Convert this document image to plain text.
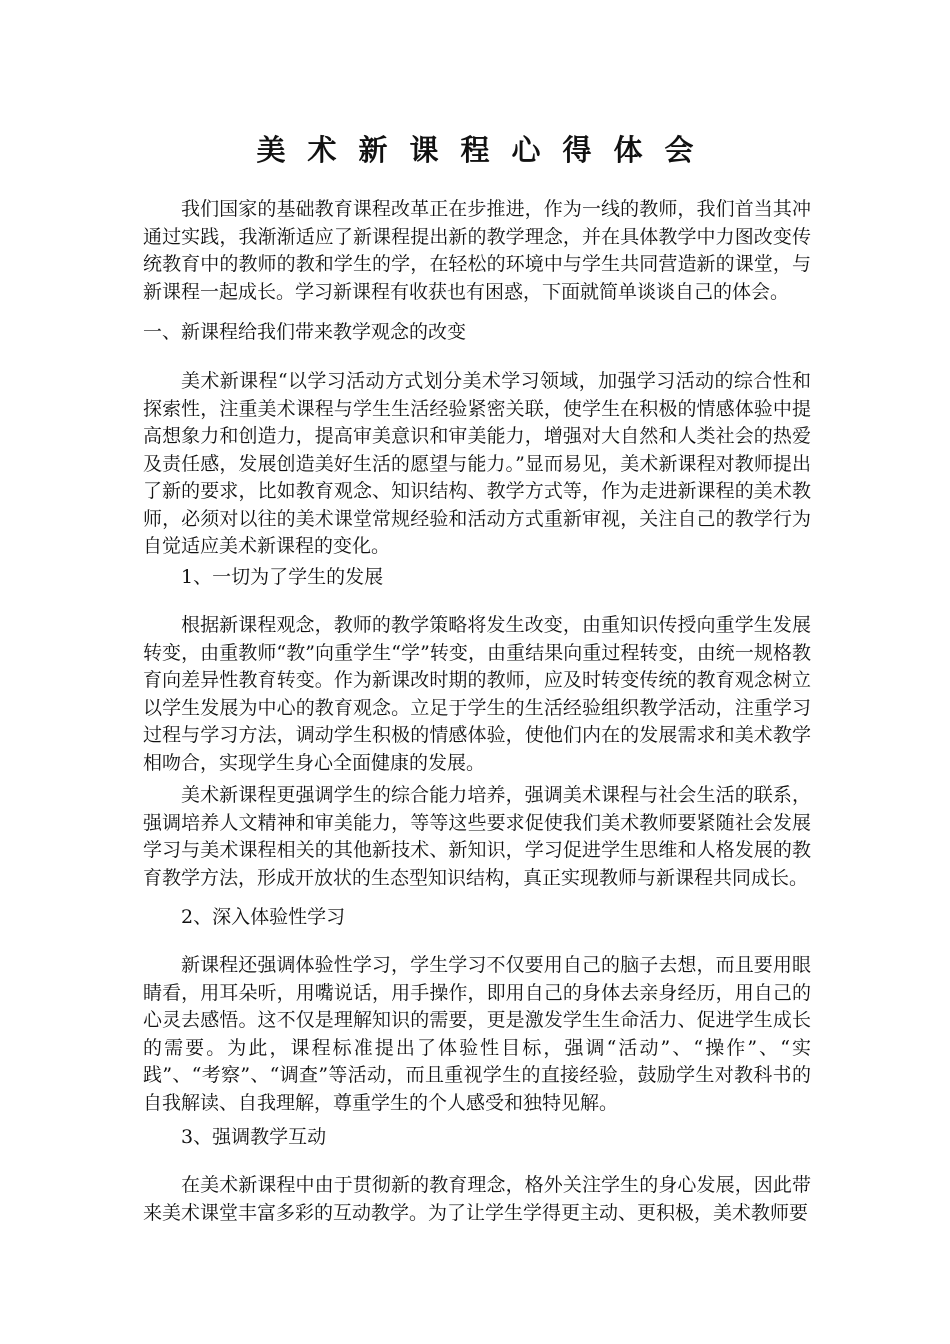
美术新课程心得体会

我们国家的基础教育课程改革正在步推进，作为一线的教师，我们首当其冲通过实践，我渐渐适应了新课程提出新的教学理念，并在具体教学中力图改变传统教育中的教师的教和学生的学，在轻松的环境中与学生共同营造新的课堂，与新课程一起成长。学习新课程有收获也有困惑，下面就简单谈谈自己的体会。

一、新课程给我们带来教学观念的改变

美术新课程“以学习活动方式划分美术学习领域，加强学习活动的综合性和探索性，注重美术课程与学生生活经验紧密关联，使学生在积极的情感体验中提高想象力和创造力，提高审美意识和审美能力，增强对大自然和人类社会的热爱及责任感，发展创造美好生活的愿望与能力。”显而易见，美术新课程对教师提出了新的要求，比如教育观念、知识结构、教学方式等，作为走进新课程的美术教师，必须对以往的美术课堂常规经验和活动方式重新审视，关注自己的教学行为自觉适应美术新课程的变化。

1、一切为了学生的发展

根据新课程观念，教师的教学策略将发生改变，由重知识传授向重学生发展转变，由重教师“教”向重学生“学”转变，由重结果向重过程转变，由统一规格教育向差异性教育转变。作为新课改时期的教师，应及时转变传统的教育观念树立以学生发展为中心的教育观念。立足于学生的生活经验组织教学活动，注重学习过程与学习方法，调动学生积极的情感体验，使他们内在的发展需求和美术教学相吻合，实现学生身心全面健康的发展。

美术新课程更强调学生的综合能力培养，强调美术课程与社会生活的联系，强调培养人文精神和审美能力，等等这些要求促使我们美术教师要紧随社会发展学习与美术课程相关的其他新技术、新知识，学习促进学生思维和人格发展的教育教学方法，形成开放状的生态型知识结构，真正实现教师与新课程共同成长。

2、深入体验性学习

新课程还强调体验性学习，学生学习不仅要用自己的脑子去想，而且要用眼睛看，用耳朵听，用嘴说话，用手操作，即用自己的身体去亲身经历，用自己的心灵去感悟。这不仅是理解知识的需要，更是激发学生生命活力、促进学生成长的需要。为此，课程标准提出了体验性目标，强调“活动”、“操作”、“实践”、“考察”、“调查”等活动，而且重视学生的直接经验，鼓励学生对教科书的自我解读、自我理解，尊重学生的个人感受和独特见解。

3、强调教学互动

在美术新课程中由于贯彻新的教育理念，格外关注学生的身心发展，因此带来美术课堂丰富多彩的互动教学。为了让学生学得更主动、更积极，美术教师要
